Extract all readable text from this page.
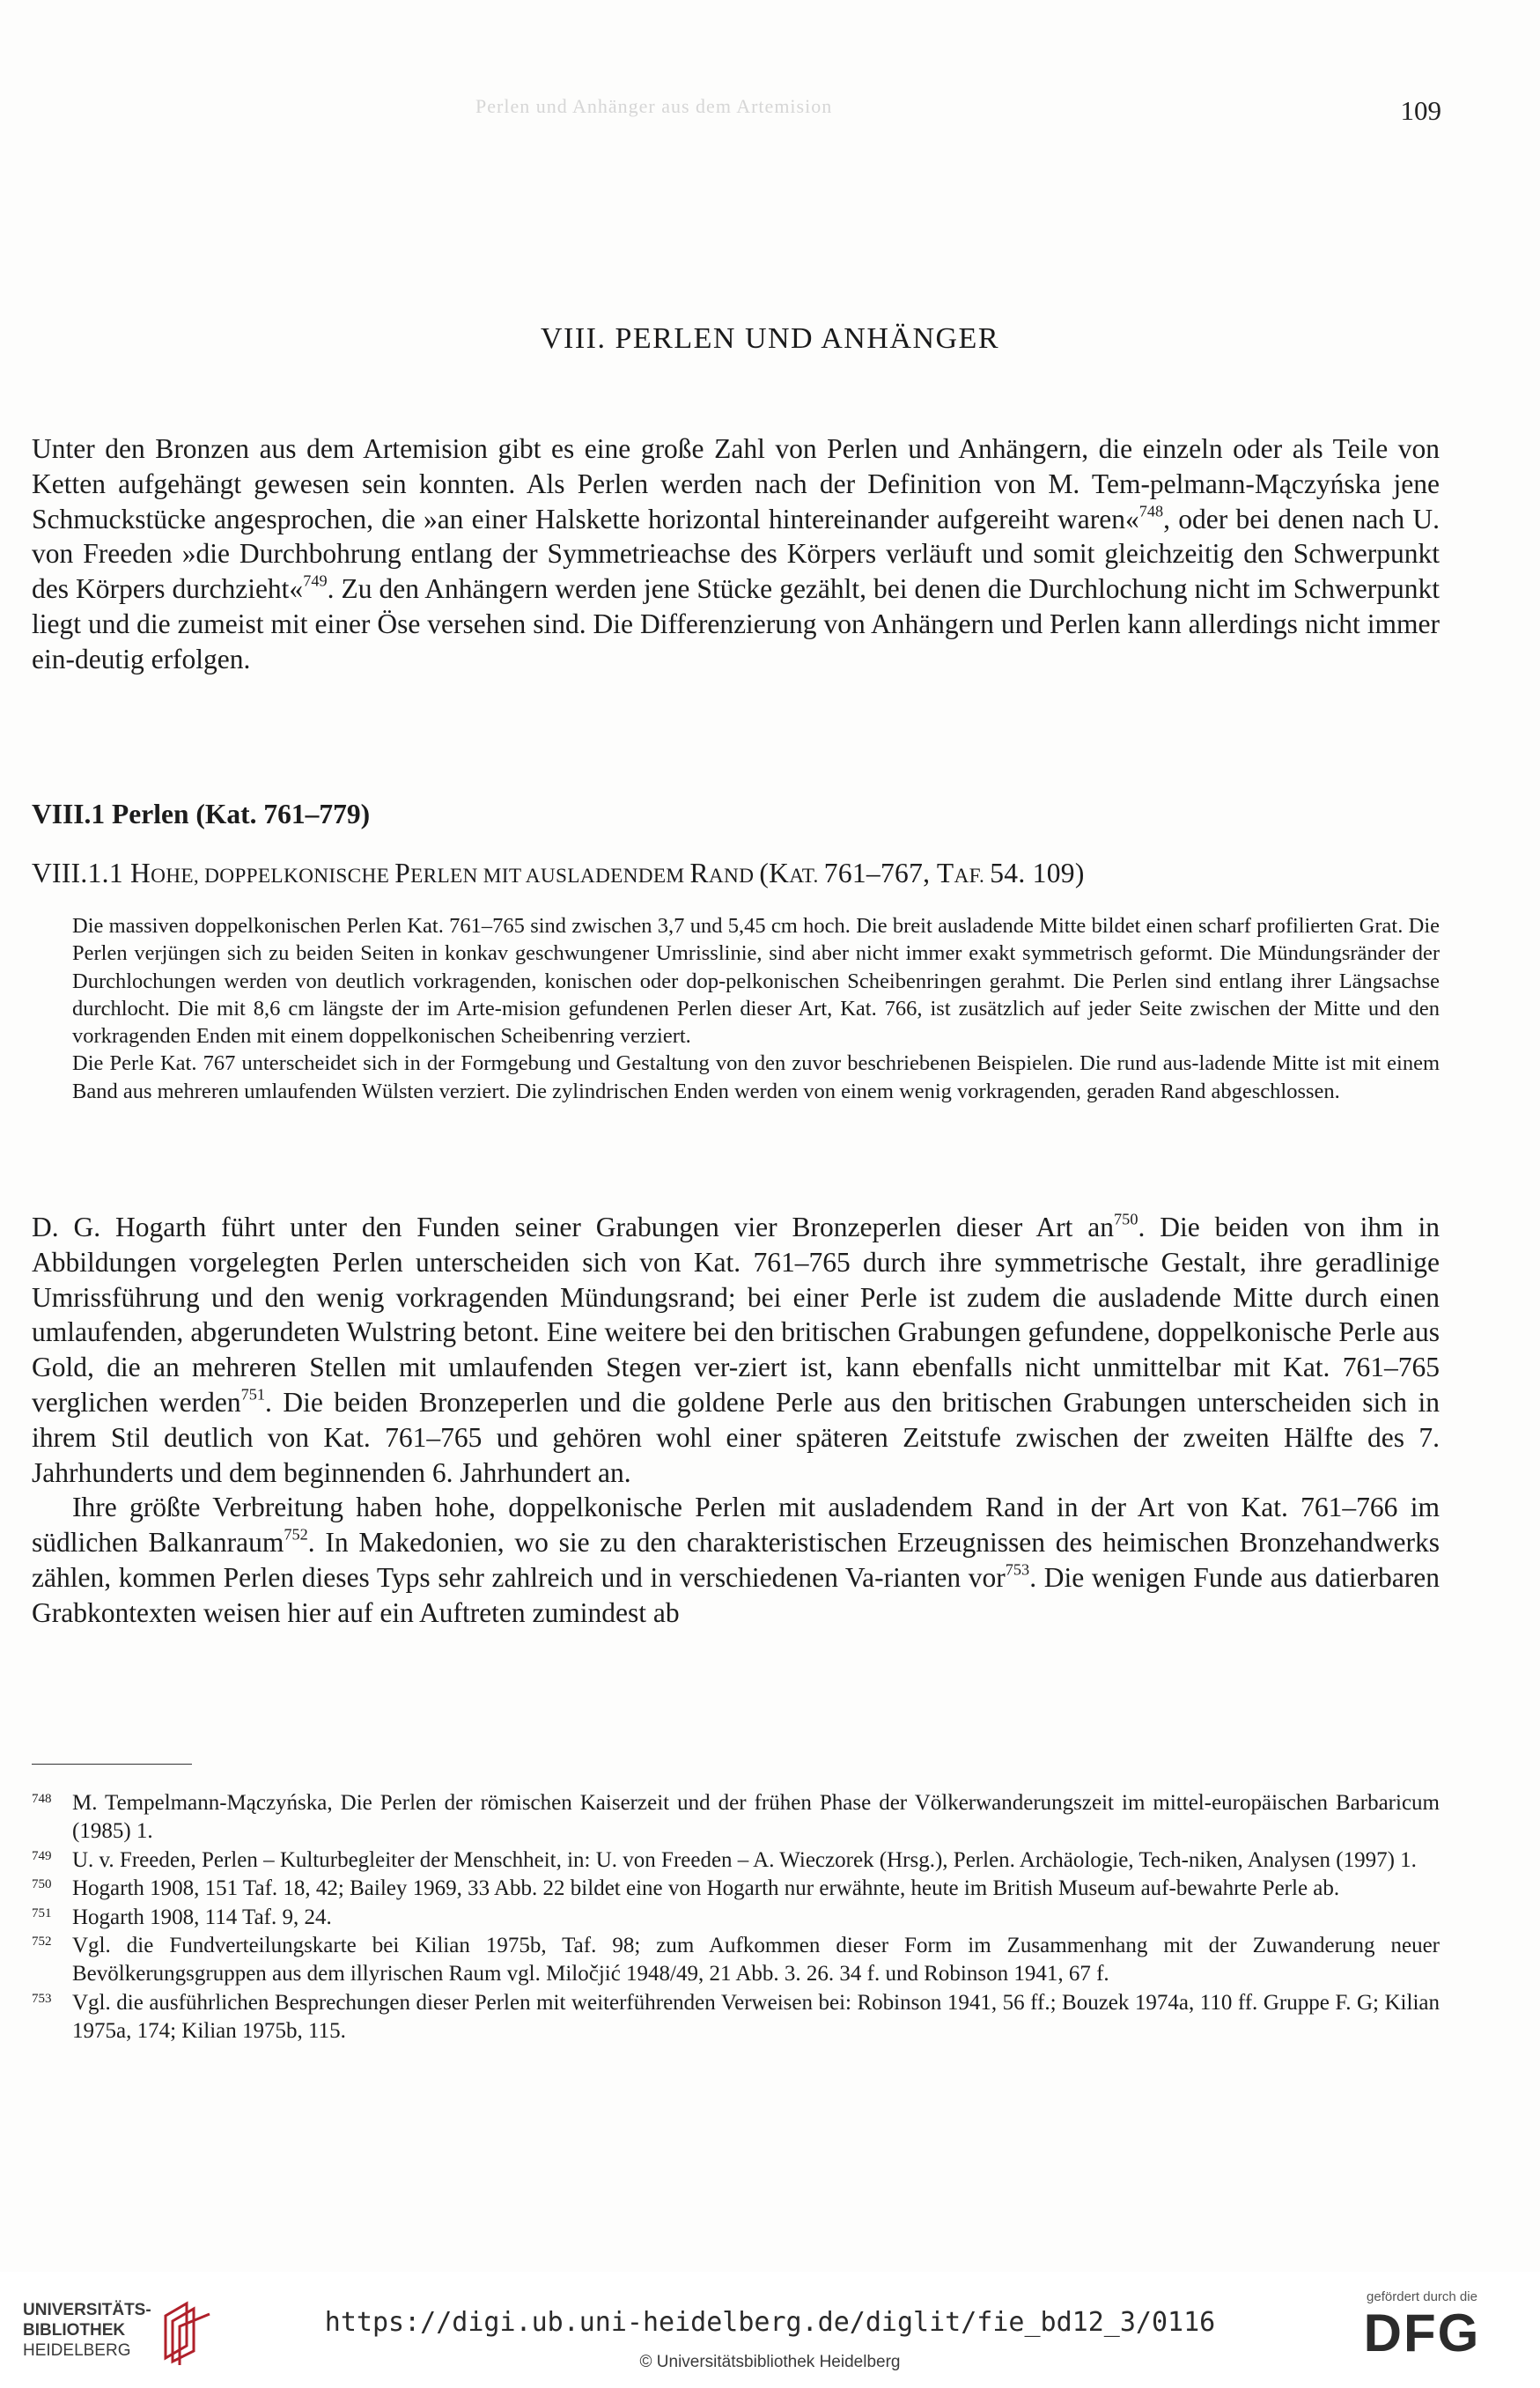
Perlen und Anhänger aus dem Artemision	109
VIII. PERLEN UND ANHÄNGER

Unter den Bronzen aus dem Artemision gibt es eine große Zahl von Perlen und Anhängern, die einzeln oder als Teile von Ketten aufgehängt gewesen sein konnten. Als Perlen werden nach der Definition von M. Tem-pelmann-Mączyńska jene Schmuckstücke angesprochen, die »an einer Halskette horizontal hintereinander aufgereiht waren«$^{748}$, oder bei denen nach U. von Freeden »die Durchbohrung entlang der Symmetrieachse des Körpers verläuft und somit gleichzeitig den Schwerpunkt des Körpers durchzieht«$^{749}$. Zu den Anhängern werden jene Stücke gezählt, bei denen die Durchlochung nicht im Schwerpunkt liegt und die zumeist mit einer Öse versehen sind. Die Differenzierung von Anhängern und Perlen kann allerdings nicht immer ein-deutig erfolgen.

VIII.1 Perlen (Kat. 761–779)
VIII.1.1 HOHE, DOPPELKONISCHE PERLEN MIT AUSLADENDEM RAND (KAT. 761–767, TAF. 54. 109)

Die massiven doppelkonischen Perlen Kat. 761–765 sind zwischen 3,7 und 5,45 cm hoch. Die breit ausladende Mitte bildet einen scharf profilierten Grat. Die Perlen verjüngen sich zu beiden Seiten in konkav geschwungener Umrisslinie, sind aber nicht immer exakt symmetrisch geformt. Die Mündungsränder der Durchlochungen werden von deutlich vorkragenden, konischen oder dop-pelkonischen Scheibenringen gerahmt. Die Perlen sind entlang ihrer Längsachse durchlocht. Die mit 8,6 cm längste der im Arte-mision gefundenen Perlen dieser Art, Kat. 766, ist zusätzlich auf jeder Seite zwischen der Mitte und den vorkragenden Enden mit einem doppelkonischen Scheibenring verziert.

Die Perle Kat. 767 unterscheidet sich in der Formgebung und Gestaltung von den zuvor beschriebenen Beispielen. Die rund aus-ladende Mitte ist mit einem Band aus mehreren umlaufenden Wülsten verziert. Die zylindrischen Enden werden von einem wenig vorkragenden, geraden Rand abgeschlossen.

D. G. Hogarth führt unter den Funden seiner Grabungen vier Bronzeperlen dieser Art $an^{750}$. Die beiden von ihm in Abbildungen vorgelegten Perlen unterscheiden sich von Kat. 761–765 durch ihre symmetrische Gestalt, ihre geradlinige Umrissführung und den wenig vorkragenden Mündungsrand; bei einer Perle ist zudem die ausladende Mitte durch einen umlaufenden, abgerundeten Wulstring betont. Eine weitere bei den britischen Grabungen gefundene, doppelkonische Perle aus Gold, die an mehreren Stellen mit umlaufenden Stegen ver-ziert ist, kann ebenfalls nicht unmittelbar mit Kat. 761–765 verglichen werden$^{751}$. Die beiden Bronzeperlen und die goldene Perle aus den britischen Grabungen unterscheiden sich in ihrem Stil deutlich von Kat. 761–765 und gehören wohl einer späteren Zeitstufe zwischen der zweiten Hälfte des 7. Jahrhunderts und dem beginnenden 6. Jahrhundert an.

Ihre größte Verbreitung haben hohe, doppelkonische Perlen mit ausladendem Rand in der Art von Kat. 761–766 im südlichen Balkanraum$^{752}$. In Makedonien, wo sie zu den charakteristischen Erzeugnissen des heimischen Bronzehandwerks zählen, kommen Perlen dieses Typs sehr zahlreich und in verschiedenen Va-rianten vor$^{753}$. Die wenigen Funde aus datierbaren Grabkontexten weisen hier auf ein Auftreten zumindest ab

748 M. Tempelmann-Mączyńska, Die Perlen der römischen Kaiserzeit und der frühen Phase der Völkerwanderungszeit im mittel-europäischen Barbaricum (1985) 1.
749 U. v. Freeden, Perlen – Kulturbegleiter der Menschheit, in: U. von Freeden – A. Wieczorek (Hrsg.), Perlen. Archäologie, Tech-niken, Analysen (1997) 1.
750 Hogarth 1908, 151 Taf. 18, 42; Bailey 1969, 33 Abb. 22 bildet eine von Hogarth nur erwähnte, heute im British Museum auf-bewahrte Perle ab.
751 Hogarth 1908, 114 Taf. 9, 24.
752 Vgl. die Fundverteilungskarte bei Kilian 1975b, Taf. 98; zum Aufkommen dieser Form im Zusammenhang mit der Zuwanderung neuer Bevölkerungsgruppen aus dem illyrischen Raum vgl. Miločjić 1948/49, 21 Abb. 3. 26. 34 f. und Robinson 1941, 67 f.
753 Vgl. die ausführlichen Besprechungen dieser Perlen mit weiterführenden Verweisen bei: Robinson 1941, 56 ff.; Bouzek 1974a, 110 ff. Gruppe F. G; Kilian 1975a, 174; Kilian 1975b, 115.
UNIVERSITÄTS-
BIBLIOTHEK
HEIDELBERG
https://digi.ub.uni-heidelberg.de/diglit/fie_bd12_3/0116
© Universitätsbibliothek Heidelberg
gefördert durch die
DFG
